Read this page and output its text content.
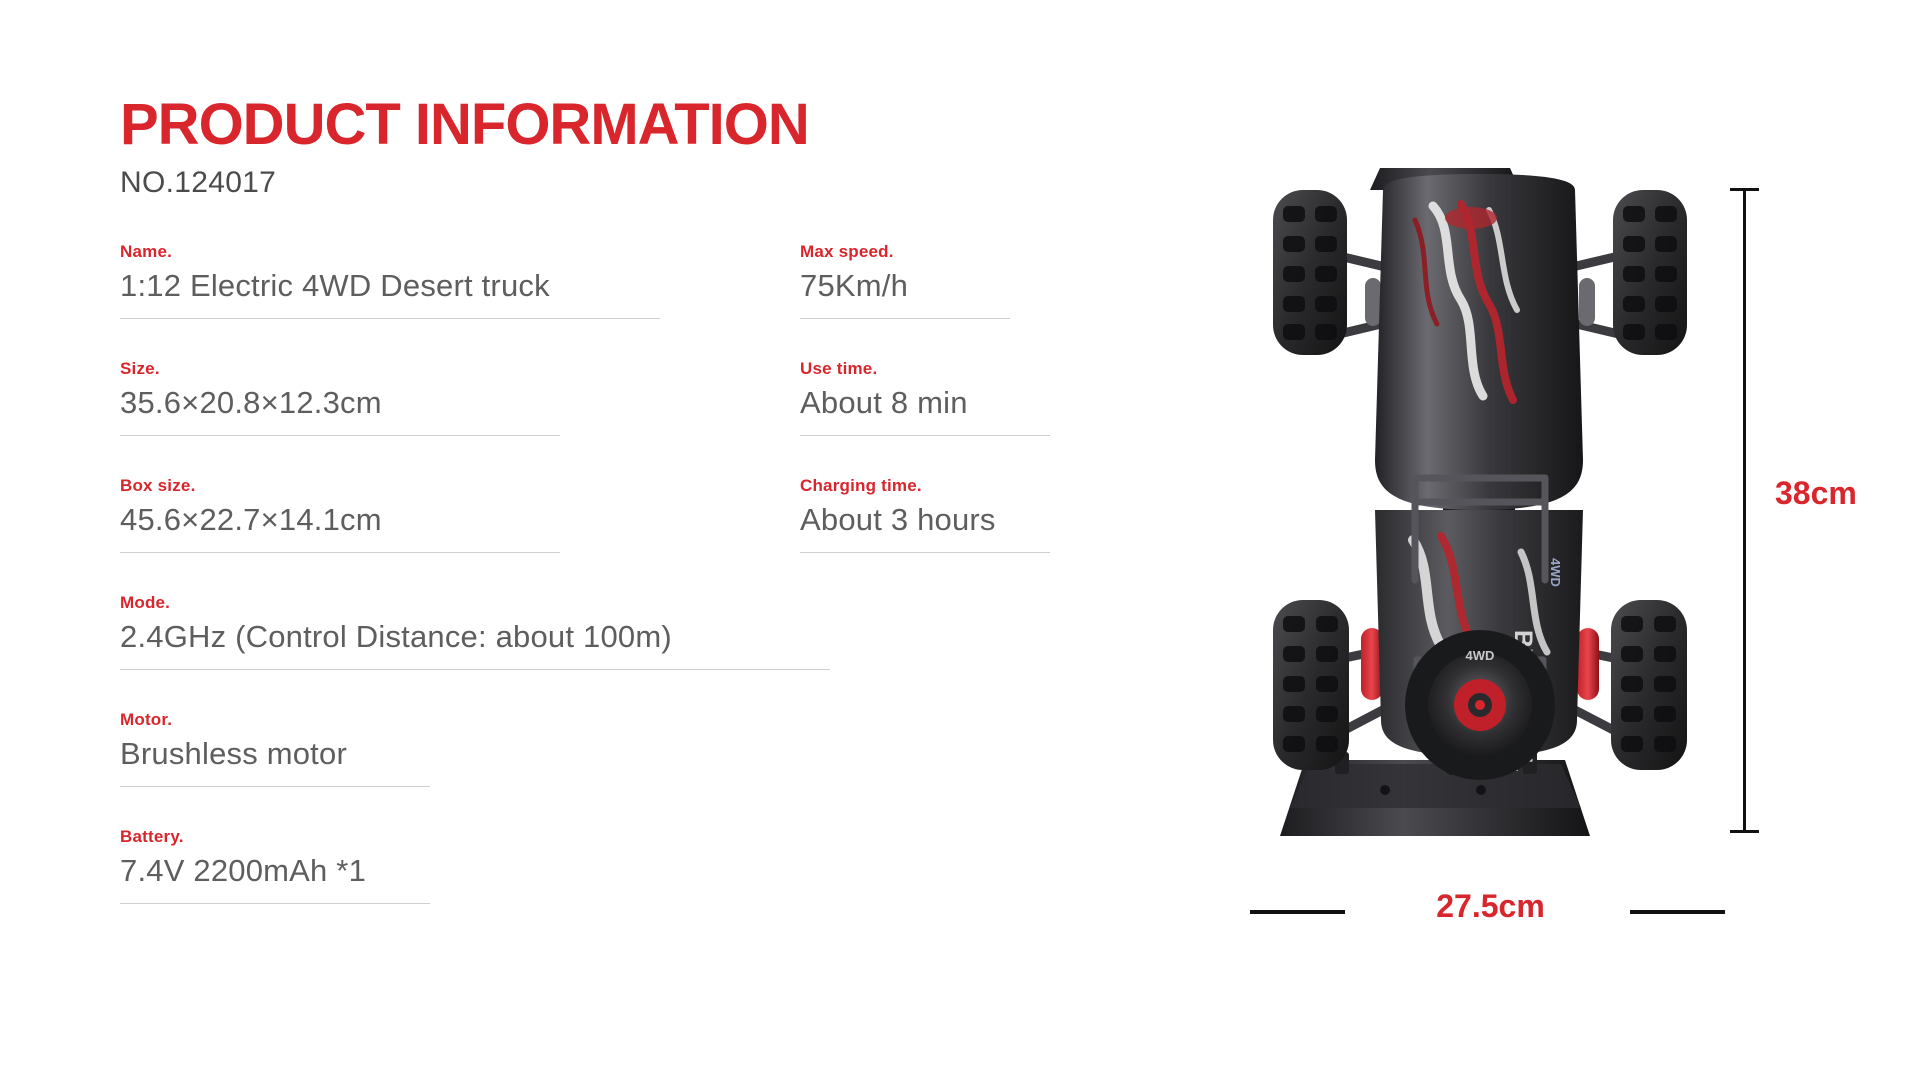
PRODUCT INFORMATION
NO.124017
Name.
1:12 Electric 4WD Desert truck
Size.
35.6×20.8×12.3cm
Box size.
45.6×22.7×14.1cm
Mode.
2.4GHz (Control Distance: about 100m)
Motor.
Brushless motor
Battery.
7.4V 2200mAh *1
Max speed.
75Km/h
Use time.
About 8 min
Charging time.
About 3 hours
4WD
4WD
38cm
27.5cm
